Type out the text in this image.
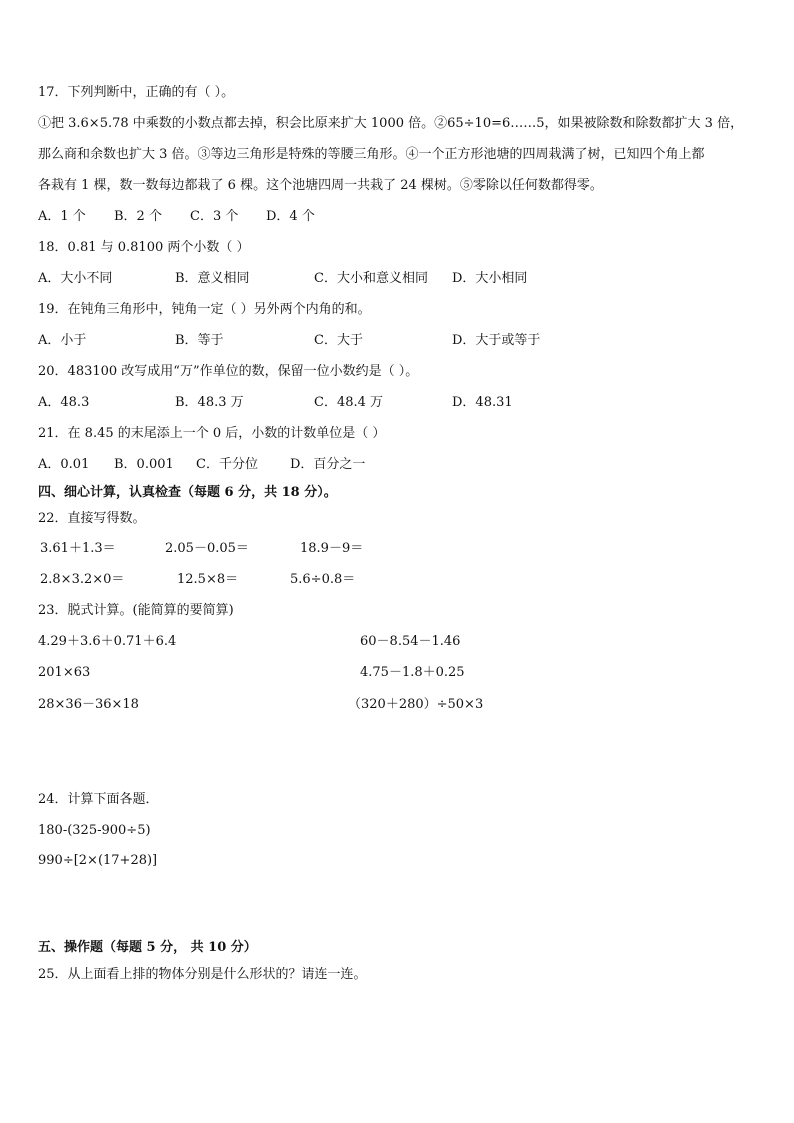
17．下列判断中，正确的有（ ）。
①把 3.6×5.78 中乘数的小数点都去掉，积会比原来扩大 1000 倍。②65÷10=6……5，如果被除数和除数都扩大 3 倍，
那么商和余数也扩大 3 倍。③等边三角形是特殊的等腰三角形。④一个正方形池塘的四周栽满了树，已知四个角上都
各栽有 1 棵，数一数每边都栽了 6 棵。这个池塘四周一共栽了 24 棵树。⑤零除以任何数都得零。
A．1 个 B．2 个 C．3 个 D．4 个
18．0.81 与 0.8100 两个小数（ ）
A．大小不同	B．意义相同	C．大小和意义相同 D．大小相同
19．在钝角三角形中，钝角一定（ ）另外两个内角的和。
A．小于	B．等于	C．大于	D．大于或等于
20．483100 改写成用“万”作单位的数，保留一位小数约是（ ）。
A．48.3	B．48.3 万	C．48.4 万	D．48.31
21．在 8.45 的末尾添上一个 0 后，小数的计数单位是（ ）
A．0.01 B．0.001 C．千分位 D．百分之一
四、细心计算，认真检查（每题 6 分，共 18 分）。
22．直接写得数。
3.61＋1.3＝	2.05－0.05＝	18.9－9＝
2.8×3.2×0＝	12.5×8＝	5.6÷0.8＝
23．脱式计算。(能简算的要简算)
4.29＋3.6＋0.71＋6.4	60－8.54－1.46
201×63	4.75－1.8＋0.25
28×36－36×18	（320＋280）÷50×3
24．计算下面各题．
180-(325-900÷5)
990÷[2×(17+28)]
五、操作题（每题 5 分， 共 10 分）
25．从上面看上排的物体分别是什么形状的？请连一连。
